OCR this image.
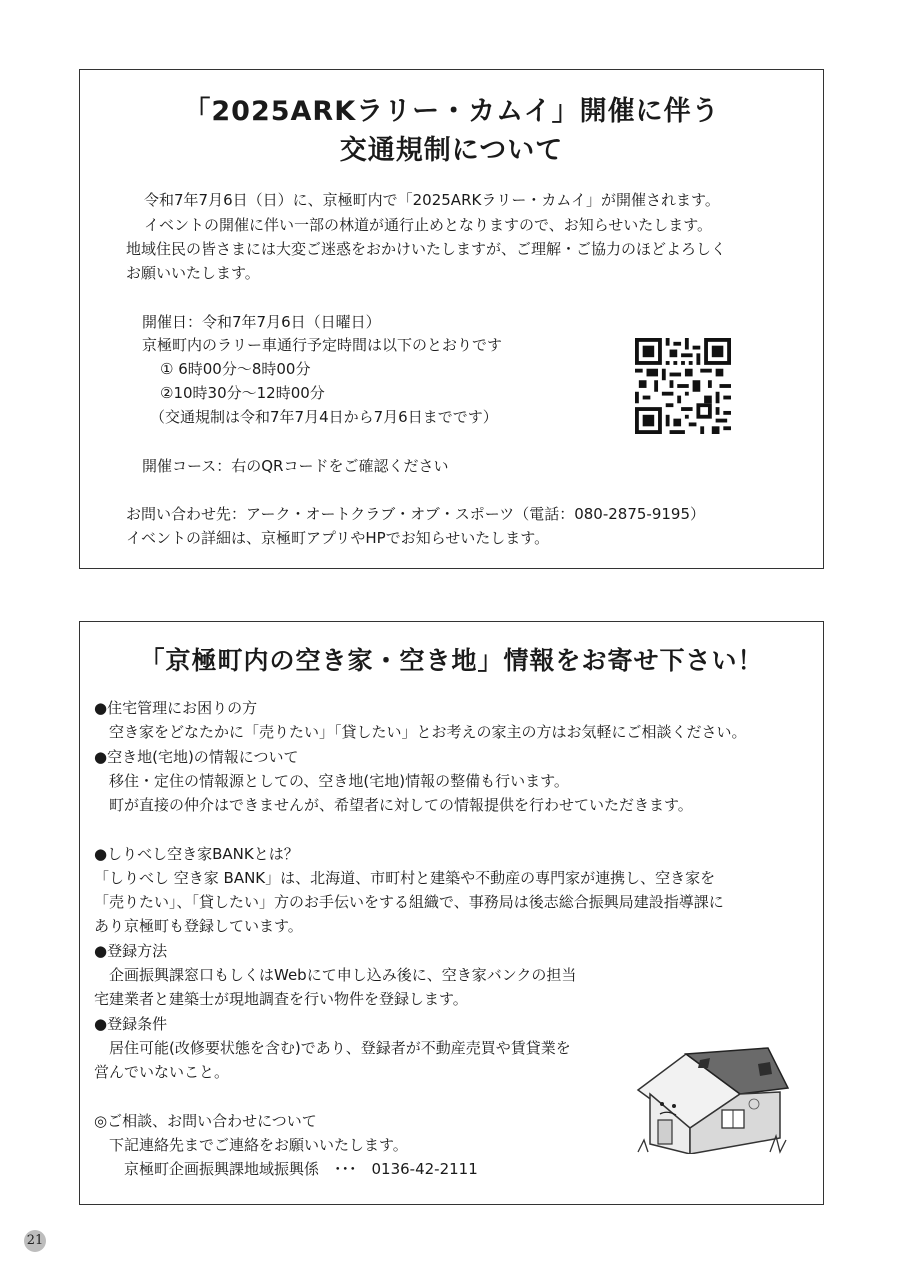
「2025ARKラリー・カムイ」開催に伴う

交通規制について

令和7年7月6日（日）に、京極町内で「2025ARKラリー・カムイ」が開催されます。

イベントの開催に伴い一部の林道が通行止めとなりますので、お知らせいたします。

地域住民の皆さまには大変ご迷惑をおかけいたしますが、ご理解・ご協力のほどよろしく

お願いいたします。

開催日：令和7年7月6日（日曜日）

京極町内のラリー車通行予定時間は以下のとおりです

① 6時00分～8時00分

②10時30分～12時00分

（交通規制は令和7年7月4日から7月6日までです）

開催コース：右のQRコードをご確認ください

お問い合わせ先：アーク・オートクラブ・オブ・スポーツ（電話：080-2875-9195）

イベントの詳細は、京極町アプリやHPでお知らせいたします。

「京極町内の空き家・空き地」情報をお寄せ下さい！

●住宅管理にお困りの方

　空き家をどなたかに「売りたい」「貸したい」とお考えの家主の方はお気軽にご相談ください。

●空き地(宅地)の情報について

　移住・定住の情報源としての、空き地(宅地)情報の整備も行います。

　町が直接の仲介はできませんが、希望者に対しての情報提供を行わせていただきます。

●しりべし空き家BANKとは？

「しりべし 空き家 BANK」は、北海道、市町村と建築や不動産の専門家が連携し、空き家を

「売りたい」、「貸したい」方のお手伝いをする組織で、事務局は後志総合振興局建設指導課に

あり京極町も登録しています。

●登録方法

　企画振興課窓口もしくはWebにて申し込み後に、空き家バンクの担当

宅建業者と建築士が現地調査を行い物件を登録します。

●登録条件

　居住可能(改修要状態を含む)であり、登録者が不動産売買や賃貸業を

営んでいないこと。

◎ご相談、お問い合わせについて

　下記連絡先までご連絡をお願いいたします。

　　京極町企画振興課地域振興係　･･･　0136-42-2111

21
